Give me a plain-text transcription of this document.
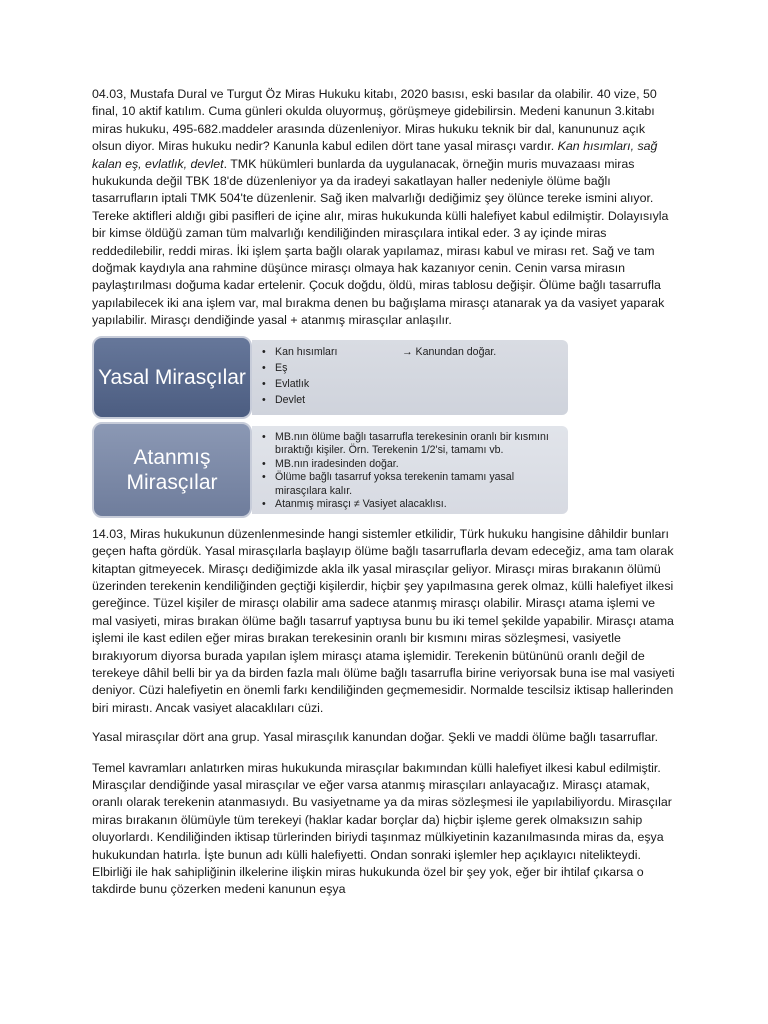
04.03, Mustafa Dural ve Turgut Öz Miras Hukuku kitabı, 2020 basısı, eski basılar da olabilir. 40 vize, 50 final, 10 aktif katılım. Cuma günleri okulda oluyormuş, görüşmeye gidebilirsin. Medeni kanunun 3.kitabı miras hukuku, 495-682.maddeler arasında düzenleniyor. Miras hukuku teknik bir dal, kanununuz açık olsun diyor. Miras hukuku nedir? Kanunla kabul edilen dört tane yasal mirasçı vardır. Kan hısımları, sağ kalan eş, evlatlık, devlet. TMK hükümleri bunlarda da uygulanacak, örneğin muris muvazaası miras hukukunda değil TBK 18'de düzenleniyor ya da iradeyi sakatlayan haller nedeniyle ölüme bağlı tasarrufların iptali TMK 504'te düzenlenir. Sağ iken malvarlığı dediğimiz şey ölünce tereke ismini alıyor. Tereke aktifleri aldığı gibi pasifleri de içine alır, miras hukukunda külli halefiyet kabul edilmiştir. Dolayısıyla bir kimse öldüğü zaman tüm malvarlığı kendiliğinden mirasçılara intikal eder. 3 ay içinde miras reddedilebilir, reddi miras. İki işlem şarta bağlı olarak yapılamaz, mirası kabul ve mirası ret. Sağ ve tam doğmak kaydıyla ana rahmine düşünce mirasçı olmaya hak kazanıyor cenin. Cenin varsa mirasın paylaştırılması doğuma kadar ertelenir. Çocuk doğdu, öldü, miras tablosu değişir. Ölüme bağlı tasarrufla yapılabilecek iki ana işlem var, mal bırakma denen bu bağışlama mirasçı atanarak ya da vasiyet yaparak yapılabilir. Mirasçı dendiğinde yasal + atanmış mirasçılar anlaşılır.

Yasal Mirasçılar
• Kan hısımları
• Eş
• Evlatlık
• Devlet
→ Kanundan doğar.
Atanmış Mirasçılar
• MB.nın ölüme bağlı tasarrufla terekesinin oranlı bir kısmını bıraktığı kişiler. Örn. Terekenin 1/2'si, tamamı vb.
• MB.nın iradesinden doğar.
• Ölüme bağlı tasarruf yoksa terekenin tamamı yasal mirasçılara kalır.
• Atanmış mirasçı ≠ Vasiyet alacaklısı.

14.03, Miras hukukunun düzenlenmesinde hangi sistemler etkilidir, Türk hukuku hangisine dâhildir bunları geçen hafta gördük. Yasal mirasçılarla başlayıp ölüme bağlı tasarruflarla devam edeceğiz, ama tam olarak kitaptan gitmeyecek. Mirasçı dediğimizde akla ilk yasal mirasçılar geliyor. Mirasçı miras bırakanın ölümü üzerinden terekenin kendiliğinden geçtiği kişilerdir, hiçbir şey yapılmasına gerek olmaz, külli halefiyet ilkesi gereğince. Tüzel kişiler de mirasçı olabilir ama sadece atanmış mirasçı olabilir. Mirasçı atama işlemi ve mal vasiyeti, miras bırakan ölüme bağlı tasarruf yaptıysa bunu bu iki temel şekilde yapabilir. Mirasçı atama işlemi ile kast edilen eğer miras bırakan terekesinin oranlı bir kısmını miras sözleşmesi, vasiyetle bırakıyorum diyorsa burada yapılan işlem mirasçı atama işlemidir. Terekenin bütününü oranlı değil de terekeye dâhil belli bir ya da birden fazla malı ölüme bağlı tasarrufla birine veriyorsak buna ise mal vasiyeti deniyor. Cüzi halefiyetin en önemli farkı kendiliğinden geçmemesidir. Normalde tescilsiz iktisap hallerinden biri mirastı. Ancak vasiyet alacaklıları cüzi.

Yasal mirasçılar dört ana grup. Yasal mirasçılık kanundan doğar. Şekli ve maddi ölüme bağlı tasarruflar.

Temel kavramları anlatırken miras hukukunda mirasçılar bakımından külli halefiyet ilkesi kabul edilmiştir. Mirasçılar dendiğinde yasal mirasçılar ve eğer varsa atanmış mirasçıları anlayacağız. Mirasçı atamak, oranlı olarak terekenin atanmasıydı. Bu vasiyetname ya da miras sözleşmesi ile yapılabiliyordu. Mirasçılar miras bırakanın ölümüyle tüm terekeyi (haklar kadar borçlar da) hiçbir işleme gerek olmaksızın sahip oluyorlardı. Kendiliğinden iktisap türlerinden biriydi taşınmaz mülkiyetinin kazanılmasında miras da, eşya hukukundan hatırla. İşte bunun adı külli halefiyetti. Ondan sonraki işlemler hep açıklayıcı nitelikteydi. Elbirliği ile hak sahipliğinin ilkelerine ilişkin miras hukukunda özel bir şey yok, eğer bir ihtilaf çıkarsa o takdirde bunu çözerken medeni kanunun eşya
